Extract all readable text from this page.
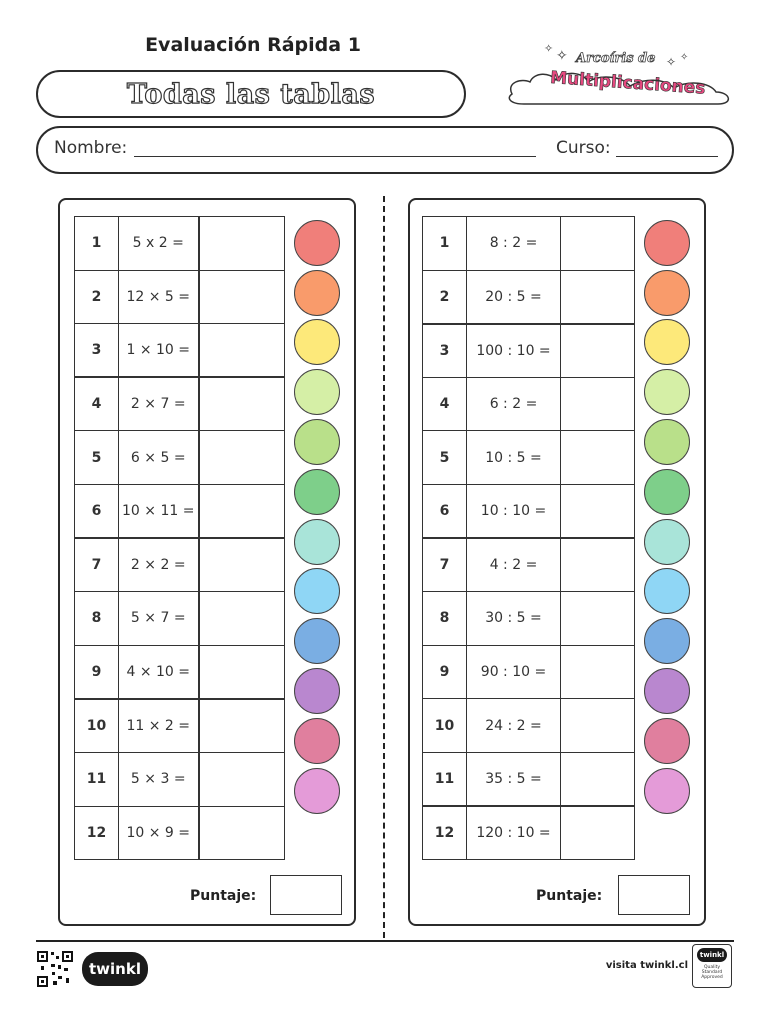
Evaluación Rápida 1
Todas las tablas
✧
✧
✧ ✧
Arcoíris de
Multiplicaciones
Nombre:	Curso:
1	5 x 2 =	
2	12 × 5 =	
3	1 × 10 =	
4	2 × 7 =	
5	6 × 5 =	
6	10 × 11 =	
7	2 × 2 =	
8	5 × 7 =	
9	4 × 10 =	
10	11 × 2 =	
11	5 × 3 =	
12	10 × 9 =	
Puntaje:
1	8 : 2 =	
2	20 : 5 =	
3	100 : 10 =	
4	6 : 2 =	
5	10 : 5 =	
6	10 : 10 =	
7	4 : 2 =	
8	30 : 5 =	
9	90 : 10 =	
10	24 : 2 =	
11	35 : 5 =	
12	120 : 10 =	
Puntaje:
twinkl	visita twinkl.cl
twinkl
Quality Standard Approved
